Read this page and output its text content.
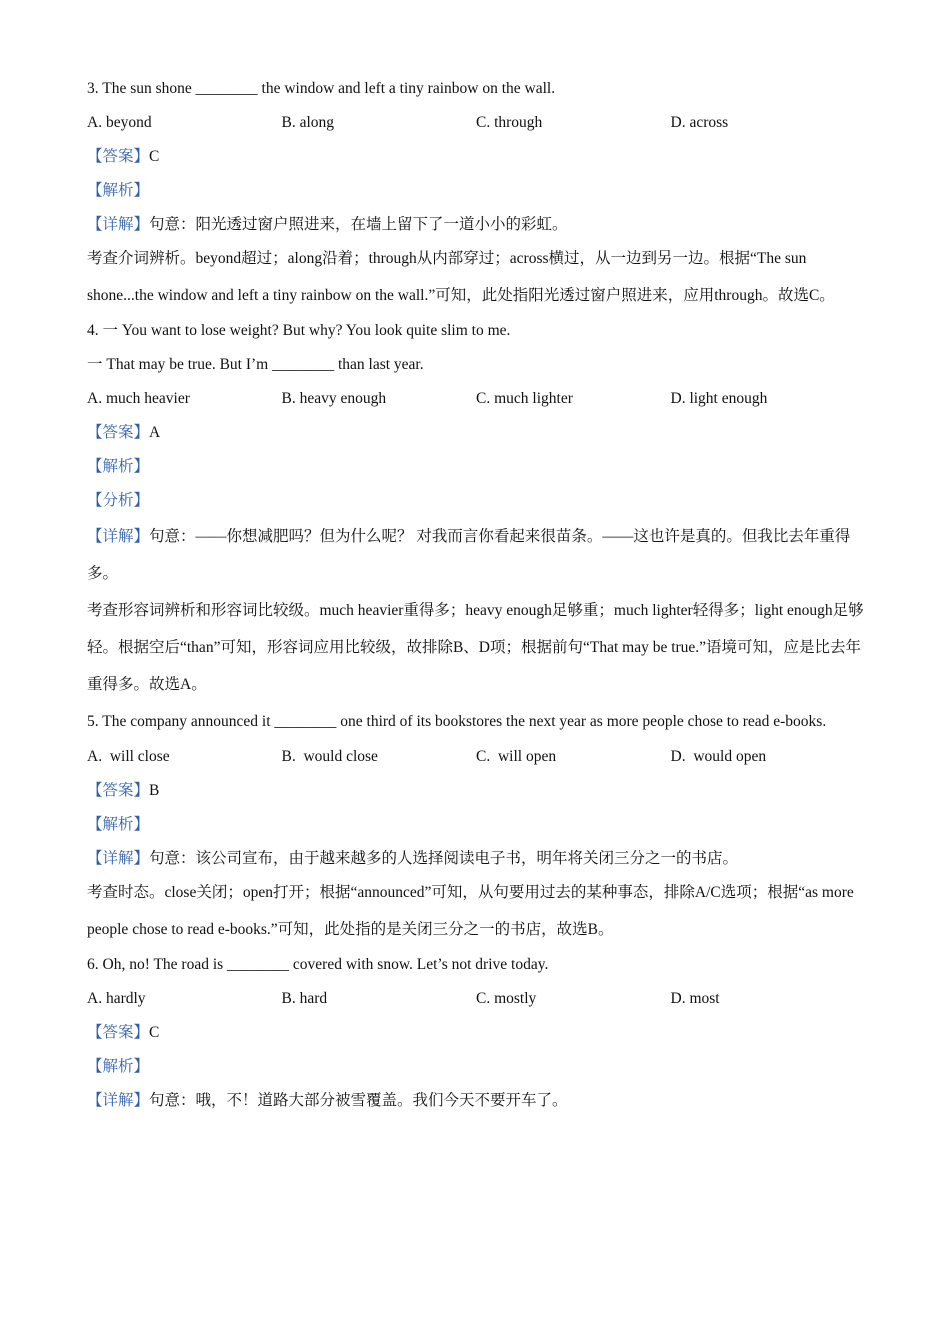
3. The sun shone ________ the window and left a tiny rainbow on the wall.
A. beyond	B. along	C. through	D. across
【答案】C
【解析】
【详解】句意：阳光透过窗户照进来，在墙上留下了一道小小的彩虹。
考查介词辨析。beyond超过；along沿着；through从内部穿过；across横过，从一边到另一边。根据“The sun shone...the window and left a tiny rainbow on the wall.”可知，此处指阳光透过窗户照进来，应用through。故选C。
4. 一 You want to lose weight? But why? You look quite slim to me.
一 That may be true. But I’m ________ than last year.
A. much heavier	B. heavy enough	C. much lighter	D. light enough
【答案】A
【解析】
【分析】
【详解】句意：——你想减肥吗？但为什么呢？ 对我而言你看起来很苗条。——这也许是真的。但我比去年重得多。
考查形容词辨析和形容词比较级。much heavier重得多；heavy enough足够重；much lighter轻得多；light enough足够轻。根据空后“than”可知，形容词应用比较级，故排除B、D项；根据前句“That may be true.”语境可知，应是比去年重得多。故选A。
5. The company announced it ________ one third of its bookstores the next year as more people chose to read e-books.
A.  will close	B.  would close	C.  will open	D.  would open
【答案】B
【解析】
【详解】句意：该公司宣布，由于越来越多的人选择阅读电子书，明年将关闭三分之一的书店。
考查时态。close关闭；open打开；根据“announced”可知，从句要用过去的某种事态，排除A/C选项；根据“as more people chose to read e-books.”可知，此处指的是关闭三分之一的书店，故选B。
6. Oh, no! The road is ________ covered with snow. Let’s not drive today.
A. hardly	B. hard	C. mostly	D. most
【答案】C
【解析】
【详解】句意：哦，不！道路大部分被雪覆盖。我们今天不要开车了。
